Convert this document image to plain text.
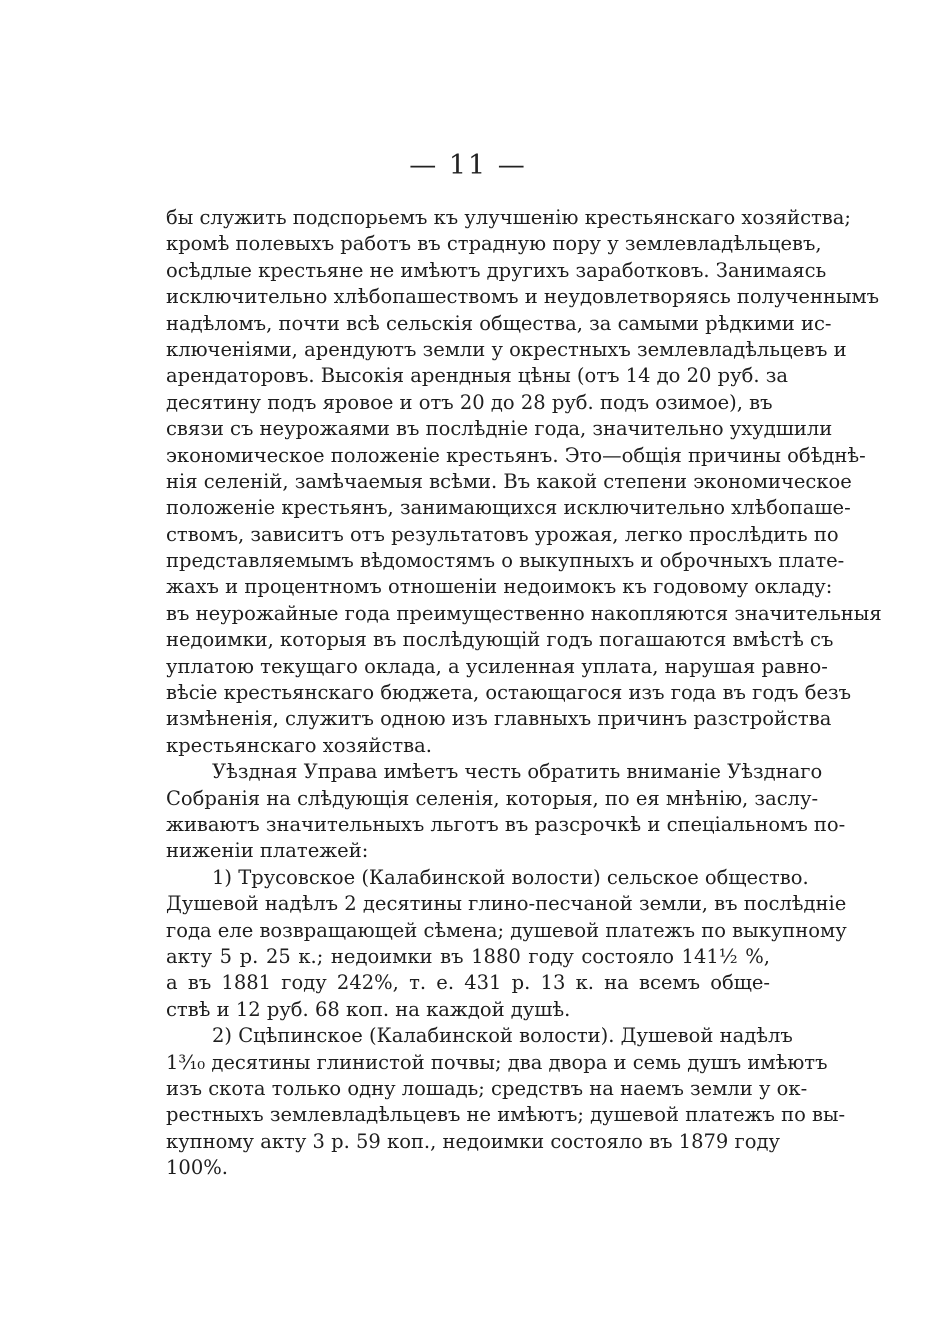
— 11 —
бы служить подспорьемъ къ улучшенію крестьянскаго хозяйства;
кромѣ полевыхъ работъ въ страдную пору у землевладѣльцевъ,
осѣдлые крестьяне не имѣютъ другихъ заработковъ. Занимаясь
исключительно хлѣбопашествомъ и неудовлетворяясь полученнымъ
надѣломъ, почти всѣ сельскія общества, за самыми рѣдкими ис-
ключеніями, арендуютъ земли у окрестныхъ землевладѣльцевъ и
арендаторовъ. Высокія арендныя цѣны (отъ 14 до 20 руб. за
десятину подъ яровое и отъ 20 до 28 руб. подъ озимое), въ
связи съ неурожаями въ послѣдніе года, значительно ухудшили
экономическое положеніе крестьянъ. Это—общія причины обѣднѣ-
нія селеній, замѣчаемыя всѣми. Въ какой степени экономическое
положеніе крестьянъ, занимающихся исключительно хлѣбопаше-
ствомъ, зависитъ отъ результатовъ урожая, легко прослѣдить по
представляемымъ вѣдомостямъ о выкупныхъ и оброчныхъ плате-
жахъ и процентномъ отношеніи недоимокъ къ годовому окладу:
въ неурожайные года преимущественно накопляются значительныя
недоимки, которыя въ послѣдующій годъ погашаются вмѣстѣ съ
уплатою текущаго оклада, а усиленная уплата, нарушая равно-
вѣсіе крестьянскаго бюджета, остающагося изъ года въ годъ безъ
измѣненія, служитъ одною изъ главныхъ причинъ разстройства
крестьянскаго хозяйства.
Уѣздная Управа имѣетъ честь обратить вниманіе Уѣзднаго
Собранія на слѣдующія селенія, которыя, по ея мнѣнію, заслу-
живаютъ значительныхъ льготъ въ разсрочкѣ и спеціальномъ по-
ниженіи платежей:
1) Трусовское (Калабинской волости) сельское общество.
Душевой надѣлъ 2 десятины глино-песчаной земли, въ послѣдніе
года еле возвращающей сѣмена; душевой платежъ по выкупному
акту 5 р. 25 к.; недоимки въ 1880 году состояло 141½ %,
а въ 1881 году 242%, т. е. 431 р. 13 к. на всемъ обще-
ствѣ и 12 руб. 68 коп. на каждой душѣ.
2) Сцѣпинское (Калабинской волости). Душевой надѣлъ
1³⁄₁₀ десятины глинистой почвы; два двора и семь душъ имѣютъ
изъ скота только одну лошадь; средствъ на наемъ земли у ок-
рестныхъ землевладѣльцевъ не имѣютъ; душевой платежъ по вы-
купному акту 3 р. 59 коп., недоимки состояло въ 1879 году
100%.
